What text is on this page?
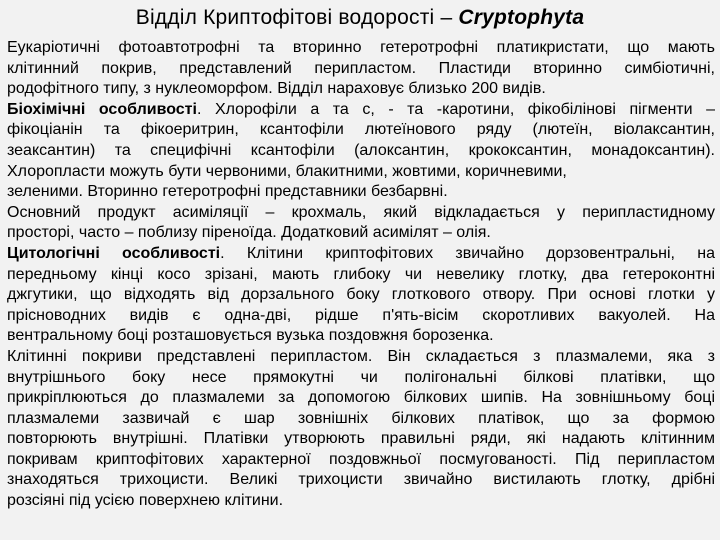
Відділ Криптофітові водорості – Cryptophyta
Еукаріотичні фотоавтотрофні та вторинно гетеротрофні платикристати, що мають
клітинний покрив, представлений перипластом. Пластиди вторинно симбіотичні,
родофітного типу, з нуклеоморфом. Відділ нараховує близько 200 видів.
Біохімічні особливості. Хлорофіли а та с, - та -каротини, фікобілінові пігменти –
фікоціанін та фікоеритрин, ксантофіли лютеїнового ряду (лютеїн, віолаксантин,
зеаксантин) та специфічні ксантофіли (алоксантин, крококсантин, монадоксантин).
Хлоропласти можуть бути червоними, блакитними, жовтими, коричневими,
зеленими. Вторинно гетеротрофні представники безбарвні.
Основний продукт асиміляції – крохмаль, який відкладається у перипластидному
просторі, часто – поблизу піреноїда. Додатковий асимілят – олія.
Цитологічні особливості. Клітини криптофітових звичайно дорзовентральні, на
передньому кінці косо зрізані, мають глибоку чи невелику глотку, два гетероконтні
джгутики, що відходять від дорзального боку глоткового отвору. При основі глотки у
прісноводних видів є одна-дві, рідше п'ять-вісім скоротливих вакуолей. На
вентральному боці розташовується вузька поздовжня борозенка.
Клітинні покриви представлені перипластом. Він складається з плазмалеми, яка з
внутрішнього боку несе прямокутні чи полігональні білкові платівки, що
прикріплюються до плазмалеми за допомогою білкових шипів. На зовнішньому боці
плазмалеми зазвичай є шар зовнішніх білкових платівок, що за формою
повторюють внутрішні. Платівки утворюють правильні ряди, які надають клітинним
покривам криптофітових характерної поздовжньої посмугованості. Під перипластом
знаходяться трихоцисти. Великі трихоцисти звичайно вистилають глотку, дрібні
розсіяні під усією поверхнею клітини.
